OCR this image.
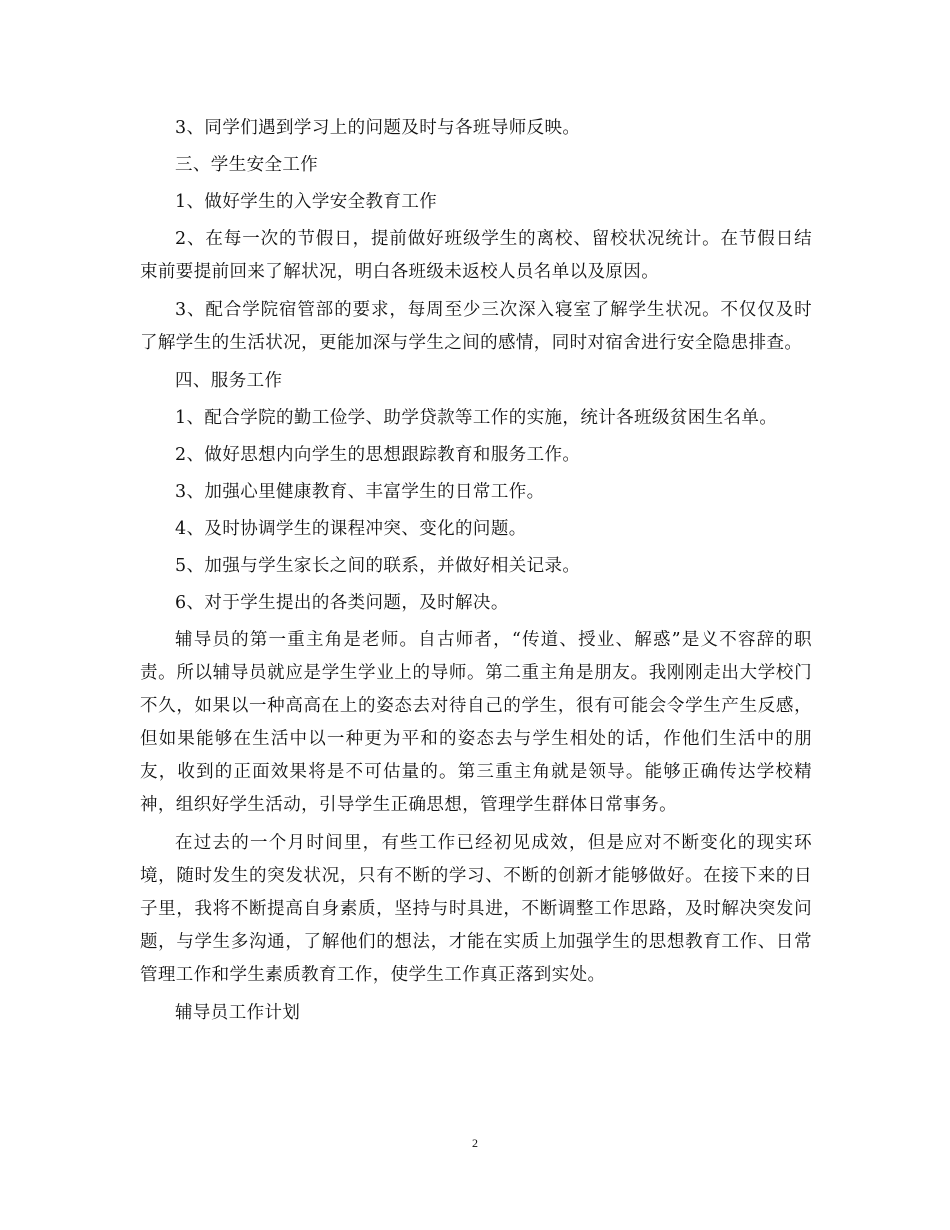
3、同学们遇到学习上的问题及时与各班导师反映。

三、学生安全工作

1、做好学生的入学安全教育工作

2、在每一次的节假日，提前做好班级学生的离校、留校状况统计。在节假日结束前要提前回来了解状况，明白各班级未返校人员名单以及原因。

3、配合学院宿管部的要求，每周至少三次深入寝室了解学生状况。不仅仅及时了解学生的生活状况，更能加深与学生之间的感情，同时对宿舍进行安全隐患排查。

四、服务工作

1、配合学院的勤工俭学、助学贷款等工作的实施，统计各班级贫困生名单。

2、做好思想内向学生的思想跟踪教育和服务工作。

3、加强心里健康教育、丰富学生的日常工作。

4、及时协调学生的课程冲突、变化的问题。

5、加强与学生家长之间的联系，并做好相关记录。

6、对于学生提出的各类问题，及时解决。

辅导员的第一重主角是老师。自古师者，“传道、授业、解惑”是义不容辞的职责。所以辅导员就应是学生学业上的导师。第二重主角是朋友。我刚刚走出大学校门不久，如果以一种高高在上的姿态去对待自己的学生，很有可能会令学生产生反感，但如果能够在生活中以一种更为平和的姿态去与学生相处的话，作他们生活中的朋友，收到的正面效果将是不可估量的。第三重主角就是领导。能够正确传达学校精神，组织好学生活动，引导学生正确思想，管理学生群体日常事务。

在过去的一个月时间里，有些工作已经初见成效，但是应对不断变化的现实环境，随时发生的突发状况，只有不断的学习、不断的创新才能够做好。在接下来的日子里，我将不断提高自身素质，坚持与时具进，不断调整工作思路，及时解决突发问题，与学生多沟通，了解他们的想法，才能在实质上加强学生的思想教育工作、日常管理工作和学生素质教育工作，使学生工作真正落到实处。

辅导员工作计划

2
